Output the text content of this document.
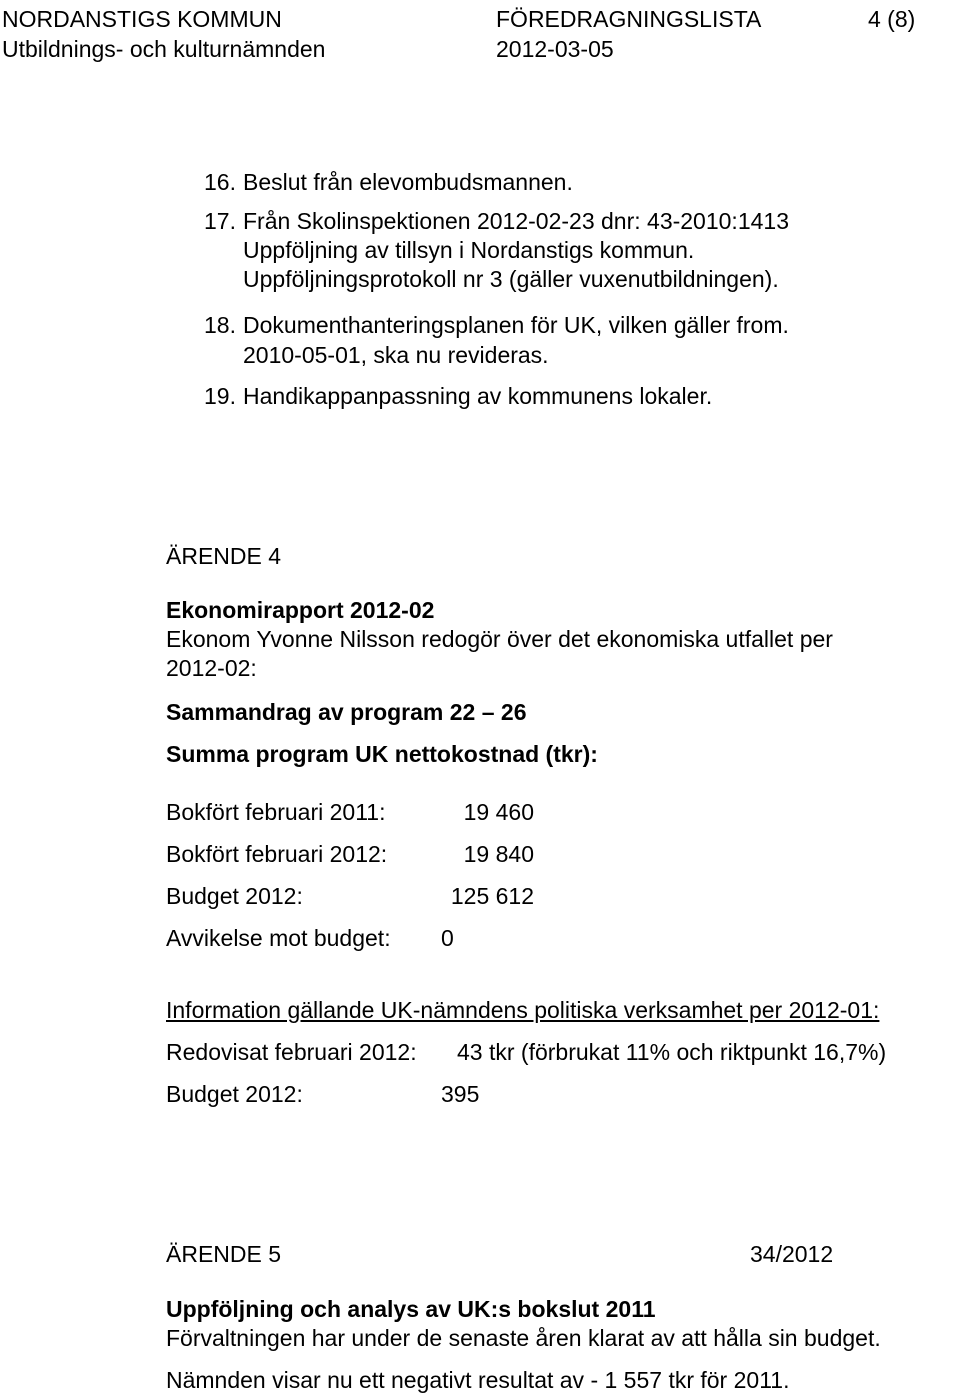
NORDANSTIGS KOMMUN	FÖREDRAGNINGSLISTA	4 (8)
Utbildnings- och kulturnämnden	2012-03-05
16. Beslut från elevombudsmannen.
17. Från Skolinspektionen 2012-02-23 dnr: 43-2010:1413
Uppföljning av tillsyn i Nordanstigs kommun.
Uppföljningsprotokoll nr 3 (gäller vuxenutbildningen).
18. Dokumenthanteringsplanen för UK, vilken gäller from.
2010-05-01, ska nu revideras.
19. Handikappanpassning av kommunens lokaler.
ÄRENDE 4
Ekonomirapport 2012-02
Ekonom Yvonne Nilsson redogör över det ekonomiska utfallet per
2012-02:
Sammandrag av program 22 – 26
Summa program UK nettokostnad (tkr):
Bokfört februari 2011:	19 460
Bokfört februari 2012:	19 840
Budget 2012:	125 612
Avvikelse mot budget: 0
Information gällande UK-nämndens politiska verksamhet per 2012-01:
Redovisat februari 2012: 43 tkr (förbrukat 11% och riktpunkt 16,7%)
Budget 2012:	395
ÄRENDE 5	34/2012
Uppföljning och analys av UK:s bokslut 2011
Förvaltningen har under de senaste åren klarat av att hålla sin budget.
Nämnden visar nu ett negativt resultat av - 1 557 tkr för 2011.
